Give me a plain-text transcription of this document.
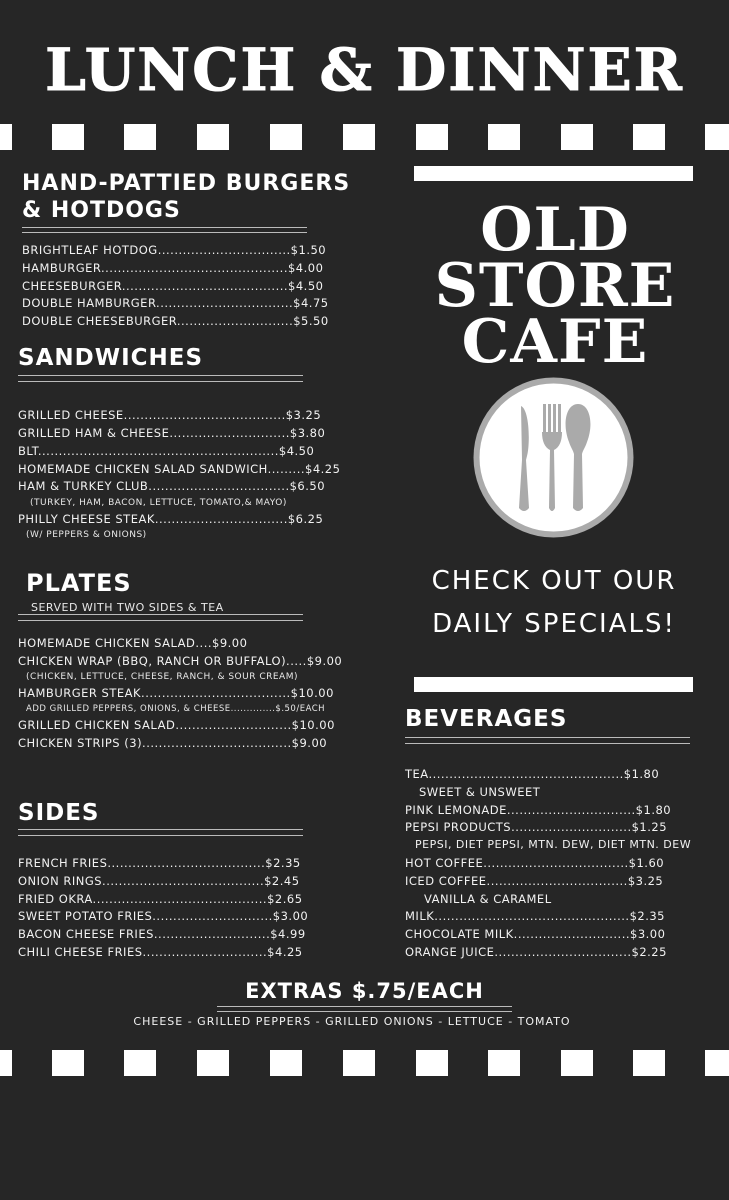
LUNCH & DINNER
HAND-PATTIED BURGERS
& HOTDOGS
BRIGHTLEAF HOTDOG................................$1.50
HAMBURGER.............................................$4.00
CHEESEBURGER........................................$4.50
DOUBLE HAMBURGER.................................$4.75
DOUBLE CHEESEBURGER............................$5.50
SANDWICHES
GRILLED CHEESE.......................................$3.25
GRILLED HAM & CHEESE.............................$3.80
BLT..........................................................$4.50
HOMEMADE CHICKEN SALAD SANDWICH.........$4.25
HAM & TURKEY CLUB..................................$6.50
(TURKEY, HAM, BACON, LETTUCE, TOMATO,& MAYO)
PHILLY CHEESE STEAK................................$6.25
(W/ PEPPERS & ONIONS)
PLATES
SERVED WITH TWO SIDES & TEA
HOMEMADE CHICKEN SALAD....$9.00
CHICKEN WRAP (BBQ, RANCH OR BUFFALO).....$9.00
(CHICKEN, LETTUCE, CHEESE, RANCH, & SOUR CREAM)
HAMBURGER STEAK....................................$10.00
ADD GRILLED PEPPERS, ONIONS, & CHEESE..............$.50/EACH
GRILLED CHICKEN SALAD............................$10.00
CHICKEN STRIPS (3)....................................$9.00
SIDES
FRENCH FRIES......................................$2.35
ONION RINGS.......................................$2.45
FRIED OKRA..........................................$2.65
SWEET POTATO FRIES.............................$3.00
BACON CHEESE FRIES............................$4.99
CHILI CHEESE FRIES..............................$4.25
OLD
STORE
CAFE
CHECK OUT OUR
DAILY SPECIALS!
BEVERAGES
TEA...............................................$1.80
SWEET & UNSWEET
PINK LEMONADE...............................$1.80
PEPSI PRODUCTS.............................$1.25
PEPSI, DIET PEPSI, MTN. DEW, DIET MTN. DEW
HOT COFFEE...................................$1.60
ICED COFFEE..................................$3.25
VANILLA & CARAMEL
MILK...............................................$2.35
CHOCOLATE MILK............................$3.00
ORANGE JUICE.................................$2.25
EXTRAS $.75/EACH
CHEESE - GRILLED PEPPERS - GRILLED ONIONS - LETTUCE - TOMATO
